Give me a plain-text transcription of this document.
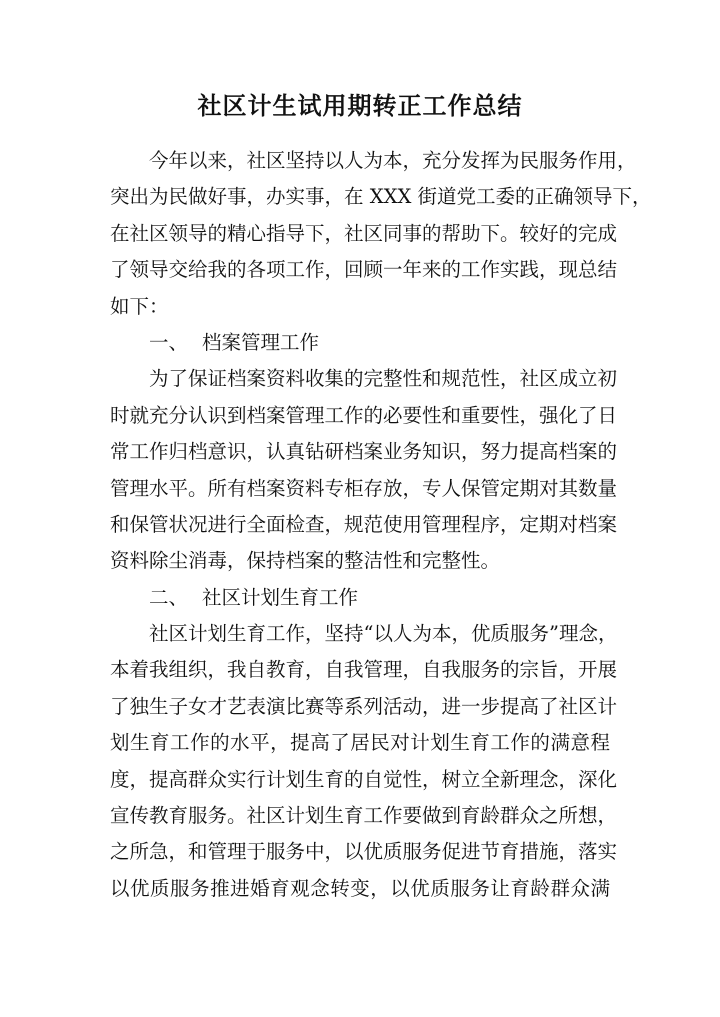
社区计生试用期转正工作总结
今年以来，社区坚持以人为本，充分发挥为民服务作用，
突出为民做好事，办实事，在 XXX 街道党工委的正确领导下，
在社区领导的精心指导下，社区同事的帮助下。较好的完成
了领导交给我的各项工作，回顾一年来的工作实践，现总结
如下：
一、 档案管理工作
为了保证档案资料收集的完整性和规范性，社区成立初
时就充分认识到档案管理工作的必要性和重要性，强化了日
常工作归档意识，认真钻研档案业务知识，努力提高档案的
管理水平。所有档案资料专柜存放，专人保管定期对其数量
和保管状况进行全面检查，规范使用管理程序，定期对档案
资料除尘消毒，保持档案的整洁性和完整性。
二、 社区计划生育工作
社区计划生育工作，坚持“以人为本，优质服务”理念，
本着我组织，我自教育，自我管理，自我服务的宗旨，开展
了独生子女才艺表演比赛等系列活动，进一步提高了社区计
划生育工作的水平，提高了居民对计划生育工作的满意程
度，提高群众实行计划生育的自觉性，树立全新理念，深化
宣传教育服务。社区计划生育工作要做到育龄群众之所想，
之所急，和管理于服务中，以优质服务促进节育措施，落实
以优质服务推进婚育观念转变，以优质服务让育龄群众满
